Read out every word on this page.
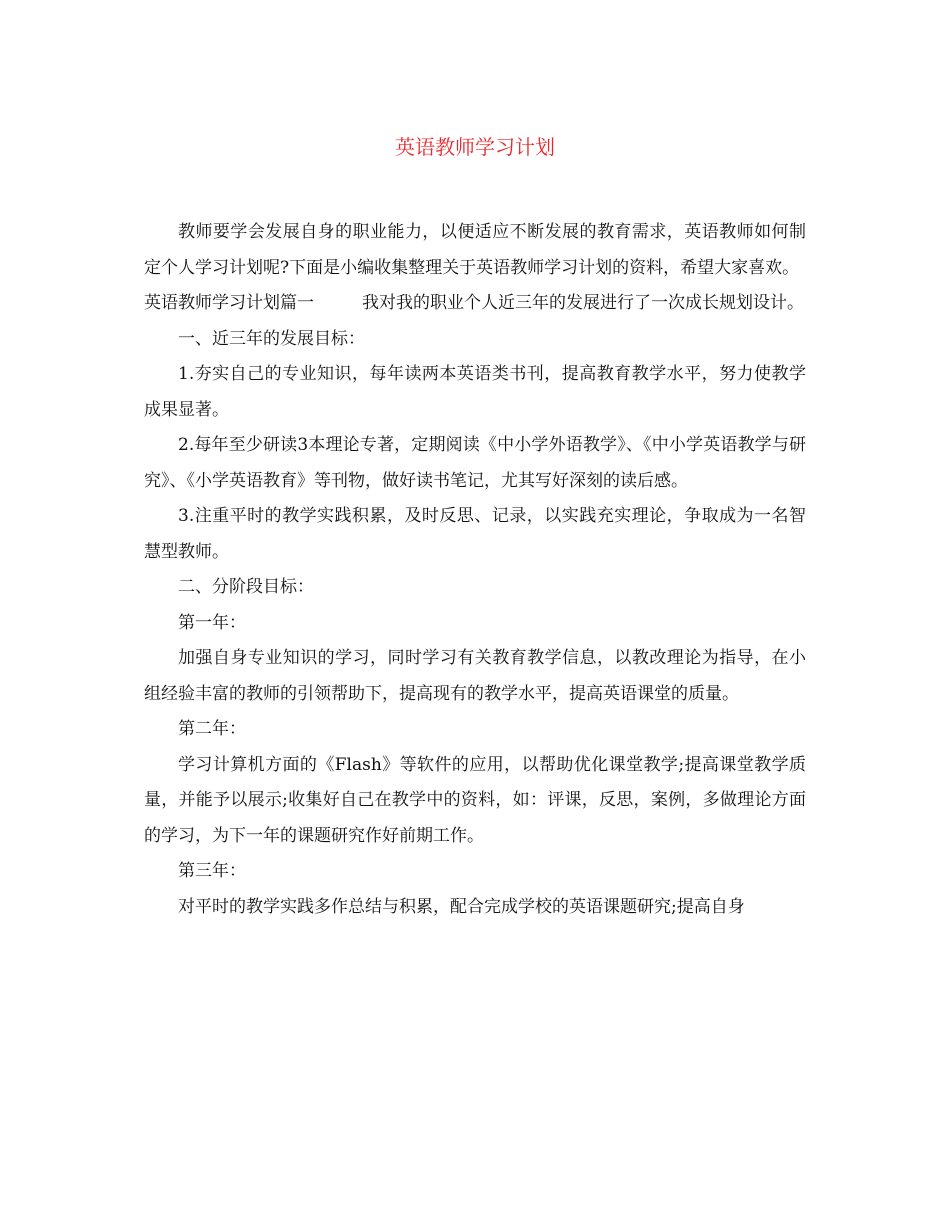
英语教师学习计划

教师要学会发展自身的职业能力，以便适应不断发展的教育需求，英语教师如何制定个人学习计划呢?下面是小编收集整理关于英语教师学习计划的资料，希望大家喜欢。

英语教师学习计划篇一	我对我的职业个人近三年的发展进行了一次成长规划设计。

一、近三年的发展目标：

1.夯实自己的专业知识，每年读两本英语类书刊，提高教育教学水平，努力使教学成果显著。

2.每年至少研读3本理论专著，定期阅读《中小学外语教学》、《中小学英语教学与研究》、《小学英语教育》等刊物，做好读书笔记，尤其写好深刻的读后感。

3.注重平时的教学实践积累，及时反思、记录，以实践充实理论，争取成为一名智慧型教师。

二、分阶段目标：

第一年：

加强自身专业知识的学习，同时学习有关教育教学信息，以教改理论为指导，在小组经验丰富的教师的引领帮助下，提高现有的教学水平，提高英语课堂的质量。

第二年：

学习计算机方面的《Flash》等软件的应用，以帮助优化课堂教学;提高课堂教学质量，并能予以展示;收集好自己在教学中的资料，如：评课，反思，案例，多做理论方面的学习，为下一年的课题研究作好前期工作。

第三年：

对平时的教学实践多作总结与积累，配合完成学校的英语课题研究;提高自身
